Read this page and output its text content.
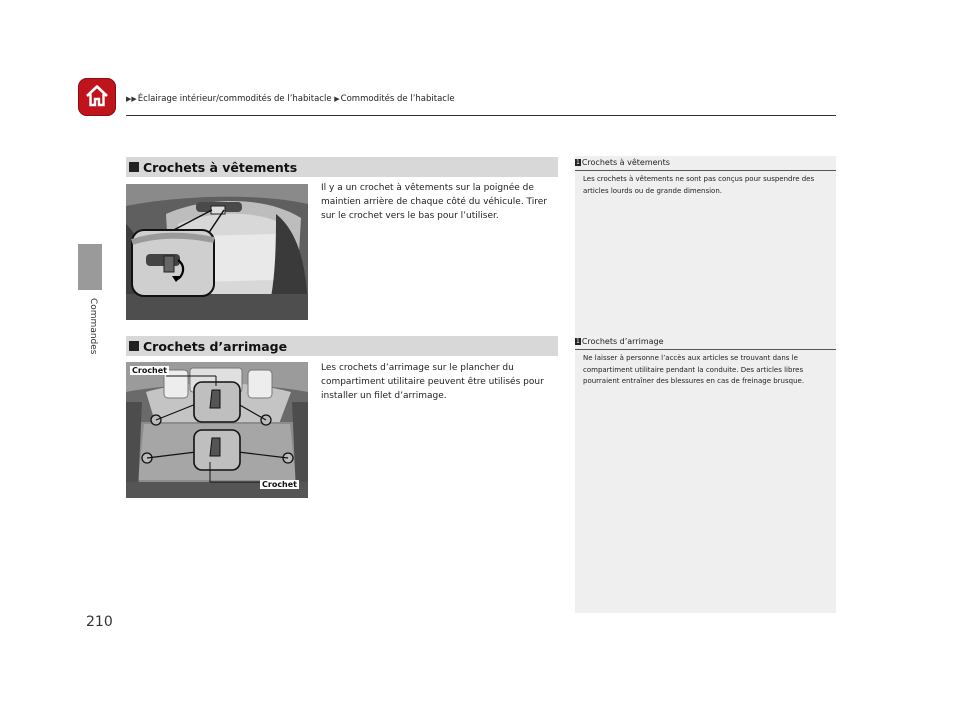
▶▶Éclairage intérieur/commodités de l’habitacle ▶Commodités de l’habitacle
Commandes
210
Crochets à vêtements
Il y a un crochet à vêtements sur la poignée de maintien arrière de chaque côté du véhicule. Tirer sur le crochet vers le bas pour l’utiliser.
1 Crochets à vêtements
Les crochets à vêtements ne sont pas conçus pour suspendre des articles lourds ou de grande dimension.
Crochets d’arrimage
Crochet
Crochet
Les crochets d’arrimage sur le plancher du compartiment utilitaire peuvent être utilisés pour installer un filet d’arrimage.
1 Crochets d’arrimage
Ne laisser à personne l’accès aux articles se trouvant dans le compartiment utilitaire pendant la conduite. Des articles libres pourraient entraîner des blessures en cas de freinage brusque.
